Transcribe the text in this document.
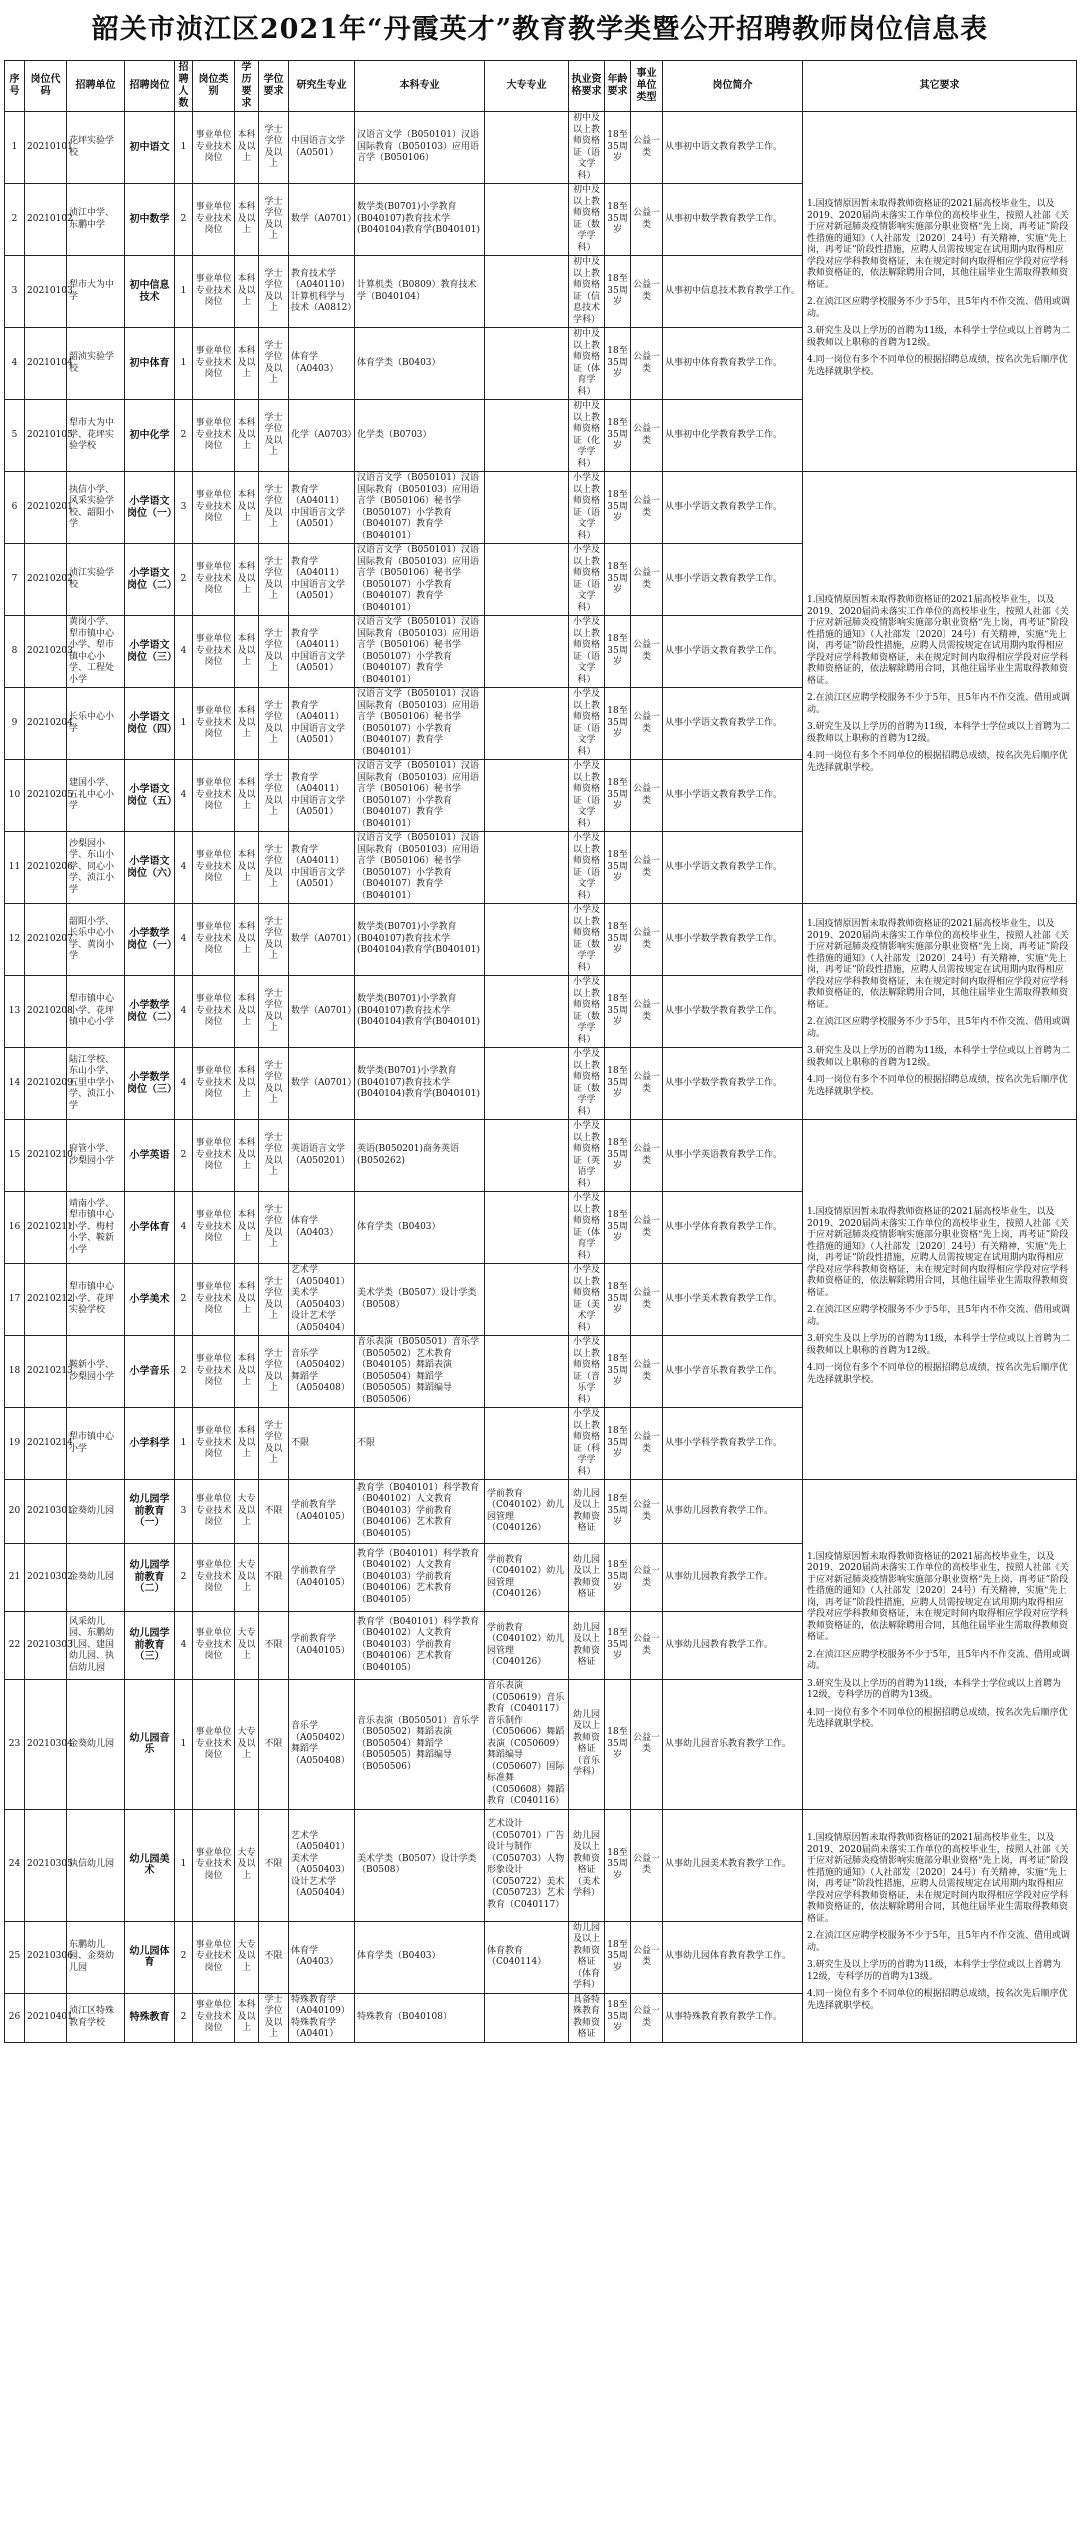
韶关市浈江区2021年“丹霞英才”教育教学类暨公开招聘教师岗位信息表
序号	岗位代码	招聘单位	招聘岗位	招聘人数	岗位类别	学历要求	学位要求	研究生专业	本科专业	大专专业	执业资格要求	年龄要求	事业单位类型	岗位简介	其它要求
1	20210101	花坪实验学校	初中语文	1	事业单位专业技术岗位	本科及以上	学士学位及以上	中国语言文学（A0501）	汉语言文学（B050101）汉语国际教育（B050103）应用语言学（B050106）		初中及以上教师资格证（语文学科）	18至35周岁	公益一类	从事初中语文教育教学工作。	1.国疫情原因暂未取得教师资格证的2021届高校毕业生，以及2019、2020届尚未落实工作单位的高校毕业生，按照人社部《关于应对新冠肺炎疫情影响实施部分职业资格“先上岗，再考证”阶段性措施的通知》（人社部发〔2020〕24号）有关精神，实施“先上岗，再考证”阶段性措施，应聘人员需按规定在试用期内取得相应学段对应学科教师资格证，未在规定时间内取得相应学段对应学科教师资格证的，依法解除聘用合同，其他往届毕业生需取得教师资格证。

2.在浈江区应聘学校服务不少于5年，且5年内不作交流、借用或调动。

3.研究生及以上学历的首聘为11级，本科学士学位或以上首聘为二级教师以上职称的首聘为12级。

4.同一岗位有多个不同单位的根据招聘总成绩，按名次先后顺序优先选择就职学校。

2	20210102	浈江中学、东鹏中学	初中数学	2	事业单位专业技术岗位	本科及以上	学士学位及以上	数学（A0701）	数学类(B0701)小学教育(B040107)教育技术学(B040104)教育学(B040101)		初中及以上教师资格证（数学学科）	18至35周岁	公益一类	从事初中数学教育教学工作。	
3	20210103	犁市大为中学	初中信息技术	1	事业单位专业技术岗位	本科及以上	学士学位及以上	教育技术学（A040110）计算机科学与技术（A0812）	计算机类（B0809）教育技术学（B040104）		初中及以上教师资格证（信息技术学科）	18至35周岁	公益一类	从事初中信息技术教育教学工作。	
4	20210104	韶浈实验学校	初中体育	1	事业单位专业技术岗位	本科及以上	学士学位及以上	体育学（A0403）	体育学类（B0403）		初中及以上教师资格证（体育学科）	18至35周岁	公益一类	从事初中体育教育教学工作。	
5	20210105	犁市大为中学、花坪实验学校	初中化学	2	事业单位专业技术岗位	本科及以上	学士学位及以上	化学（A0703）	化学类（B0703）		初中及以上教师资格证（化学学科）	18至35周岁	公益一类	从事初中化学教育教学工作。	
6	20210201	执信小学、风采实验学校、韶阳小学	小学语文岗位（一）	3	事业单位专业技术岗位	本科及以上	学士学位及以上	教育学（A04011）中国语言文学（A0501）	汉语言文学（B050101）汉语国际教育（B050103）应用语言学（B050106）秘书学（B050107）小学教育（B040107）教育学（B040101）		小学及以上教师资格证（语文学科）	18至35周岁	公益一类	从事小学语文教育教学工作。	1.国疫情原因暂未取得教师资格证的2021届高校毕业生，以及2019、2020届尚未落实工作单位的高校毕业生，按照人社部《关于应对新冠肺炎疫情影响实施部分职业资格“先上岗，再考证”阶段性措施的通知》（人社部发〔2020〕24号）有关精神，实施“先上岗，再考证”阶段性措施，应聘人员需按规定在试用期内取得相应学段对应学科教师资格证，未在规定时间内取得相应学段对应学科教师资格证的，依法解除聘用合同，其他往届毕业生需取得教师资格证。

2.在浈江区应聘学校服务不少于5年，且5年内不作交流、借用或调动。

3.研究生及以上学历的首聘为11级，本科学士学位或以上首聘为二级教师以上职称的首聘为12级。

4.同一岗位有多个不同单位的根据招聘总成绩，按名次先后顺序优先选择就职学校。

7	20210202	浈江实验学校	小学语文岗位（二）	2	事业单位专业技术岗位	本科及以上	学士学位及以上	教育学（A04011）中国语言文学（A0501）	汉语言文学（B050101）汉语国际教育（B050103）应用语言学（B050106）秘书学（B050107）小学教育（B040107）教育学（B040101）		小学及以上教师资格证（语文学科）	18至35周岁	公益一类	从事小学语文教育教学工作。	
8	20210203	黄岗小学、犁市镇中心小学、犁市镇中心小学、工程处小学	小学语文岗位（三）	4	事业单位专业技术岗位	本科及以上	学士学位及以上	教育学（A04011）中国语言文学（A0501）	汉语言文学（B050101）汉语国际教育（B050103）应用语言学（B050106）秘书学（B050107）小学教育（B040107）教育学（B040101）		小学及以上教师资格证（语文学科）	18至35周岁	公益一类	从事小学语文教育教学工作。	
9	20210204	长乐中心小学	小学语文岗位（四）	1	事业单位专业技术岗位	本科及以上	学士学位及以上	教育学（A04011）中国语言文学（A0501）	汉语言文学（B050101）汉语国际教育（B050103）应用语言学（B050106）秘书学（B050107）小学教育（B040107）教育学（B040101）		小学及以上教师资格证（语文学科）	18至35周岁	公益一类	从事小学语文教育教学工作。	
10	20210205	建国小学、五礼中心小学	小学语文岗位（五）	4	事业单位专业技术岗位	本科及以上	学士学位及以上	教育学（A04011）中国语言文学（A0501）	汉语言文学（B050101）汉语国际教育（B050103）应用语言学（B050106）秘书学（B050107）小学教育（B040107）教育学（B040101）		小学及以上教师资格证（语文学科）	18至35周岁	公益一类	从事小学语文教育教学工作。	
11	20210206	沙梨园小学、东山小学、同心小学、浈江小学	小学语文岗位（六）	4	事业单位专业技术岗位	本科及以上	学士学位及以上	教育学（A04011）中国语言文学（A0501）	汉语言文学（B050101）汉语国际教育（B050103）应用语言学（B050106）秘书学（B050107）小学教育（B040107）教育学（B040101）		小学及以上教师资格证（语文学科）	18至35周岁	公益一类	从事小学语文教育教学工作。	
12	20210207	韶阳小学、长乐中心小学、黄岗小学	小学数学岗位（一）	4	事业单位专业技术岗位	本科及以上	学士学位及以上	数学（A0701）	数学类(B0701)小学教育(B040107)教育技术学(B040104)教育学(B040101)		小学及以上教师资格证（数学学科）	18至35周岁	公益一类	从事小学数学教育教学工作。	1.国疫情原因暂未取得教师资格证的2021届高校毕业生，以及2019、2020届尚未落实工作单位的高校毕业生，按照人社部《关于应对新冠肺炎疫情影响实施部分职业资格“先上岗，再考证”阶段性措施的通知》（人社部发〔2020〕24号）有关精神，实施“先上岗，再考证”阶段性措施，应聘人员需按规定在试用期内取得相应学段对应学科教师资格证，未在规定时间内取得相应学段对应学科教师资格证的，依法解除聘用合同，其他往届毕业生需取得教师资格证。

2.在浈江区应聘学校服务不少于5年，且5年内不作交流、借用或调动。

3.研究生及以上学历的首聘为11级，本科学士学位或以上首聘为二级教师以上职称的首聘为12级。

4.同一岗位有多个不同单位的根据招聘总成绩，按名次先后顺序优先选择就职学校。

13	20210208	犁市镇中心小学、花坪镇中心小学	小学数学岗位（二）	4	事业单位专业技术岗位	本科及以上	学士学位及以上	数学（A0701）	数学类(B0701)小学教育(B040107)教育技术学(B040104)教育学(B040101)		小学及以上教师资格证（数学学科）	18至35周岁	公益一类	从事小学数学教育教学工作。	
14	20210209	陆江学校、东山小学、五里中学小学、浈江小学	小学数学岗位（三）	4	事业单位专业技术岗位	本科及以上	学士学位及以上	数学（A0701）	数学类(B0701)小学教育(B040107)教育技术学(B040104)教育学(B040101)		小学及以上教师资格证（数学学科）	18至35周岁	公益一类	从事小学数学教育教学工作。	
15	20210210	府管小学、沙梨园小学	小学英语	2	事业单位专业技术岗位	本科及以上	学士学位及以上	英语语言文学（A050201）	英语(B050201)商务英语(B050262)		小学及以上教师资格证（英语学科）	18至35周岁	公益一类	从事小学英语教育教学工作。	1.国疫情原因暂未取得教师资格证的2021届高校毕业生，以及2019、2020届尚未落实工作单位的高校毕业生，按照人社部《关于应对新冠肺炎疫情影响实施部分职业资格“先上岗，再考证”阶段性措施的通知》（人社部发〔2020〕24号）有关精神，实施“先上岗，再考证”阶段性措施，应聘人员需按规定在试用期内取得相应学段对应学科教师资格证，未在规定时间内取得相应学段对应学科教师资格证的，依法解除聘用合同，其他往届毕业生需取得教师资格证。

2.在浈江区应聘学校服务不少于5年，且5年内不作交流、借用或调动。

3.研究生及以上学历的首聘为11级，本科学士学位或以上首聘为二级教师以上职称的首聘为12级。

4.同一岗位有多个不同单位的根据招聘总成绩，按名次先后顺序优先选择就职学校。

16	20210211	靖南小学、犁市镇中心小学、梅村小学、鞍新小学	小学体育	4	事业单位专业技术岗位	本科及以上	学士学位及以上	体育学（A0403）	体育学类（B0403）		小学及以上教师资格证（体育学科）	18至35周岁	公益一类	从事小学体育教育教学工作。	
17	20210212	犁市镇中心小学、花坪实验学校	小学美术	2	事业单位专业技术岗位	本科及以上	学士学位及以上	艺术学（A050401）美术学（A050403）设计艺术学（A050404）	美术学类（B0507）设计学类（B0508）		小学及以上教师资格证（美术学科）	18至35周岁	公益一类	从事小学美术教育教学工作。	
18	20210213	鞍新小学、沙梨园小学	小学音乐	2	事业单位专业技术岗位	本科及以上	学士学位及以上	音乐学（A050402）舞蹈学（A050408）	音乐表演（B050501）音乐学（B050502）艺术教育（B040105）舞蹈表演（B050504）舞蹈学（B050505）舞蹈编导（B050506）		小学及以上教师资格证（音乐学科）	18至35周岁	公益一类	从事小学音乐教育教学工作。	
19	20210214	犁市镇中心小学	小学科学	1	事业单位专业技术岗位	本科及以上	学士学位及以上	不限	不限		小学及以上教师资格证（科学学科）	18至35周岁	公益一类	从事小学科学教育教学工作。	
20	20210301	金葵幼儿园	幼儿园学前教育（一）	3	事业单位专业技术岗位	大专及以上	不限	学前教育学（A040105）	教育学（B040101）科学教育（B040102）人文教育（B040103）学前教育（B040106）艺术教育（B040105）	学前教育（C040102）幼儿园管理（C040126）	幼儿园及以上教师资格证	18至35周岁	公益一类	从事幼儿园教育教学工作。	1.国疫情原因暂未取得教师资格证的2021届高校毕业生，以及2019、2020届尚未落实工作单位的高校毕业生，按照人社部《关于应对新冠肺炎疫情影响实施部分职业资格“先上岗，再考证”阶段性措施的通知》（人社部发〔2020〕24号）有关精神，实施“先上岗，再考证”阶段性措施，应聘人员需按规定在试用期内取得相应学段对应学科教师资格证，未在规定时间内取得相应学段对应学科教师资格证的，依法解除聘用合同，其他往届毕业生需取得教师资格证。

2.在浈江区应聘学校服务不少于5年，且5年内不作交流、借用或调动。

3.研究生及以上学历的首聘为11级，本科学士学位或以上首聘为12级，专科学历的首聘为13级。

4.同一岗位有多个不同单位的根据招聘总成绩，按名次先后顺序优先选择就职学校。

21	20210302	金葵幼儿园	幼儿园学前教育（二）	2	事业单位专业技术岗位	大专及以上	不限	学前教育学（A040105）	教育学（B040101）科学教育（B040102）人文教育（B040103）学前教育（B040106）艺术教育（B040105）	学前教育（C040102）幼儿园管理（C040126）	幼儿园及以上教师资格证	18至35周岁	公益一类	从事幼儿园教育教学工作。	
22	20210303	风采幼儿园、东鹏幼儿园、建国幼儿园、执信幼儿园	幼儿园学前教育（三）	4	事业单位专业技术岗位	大专及以上	不限	学前教育学（A040105）	教育学（B040101）科学教育（B040102）人文教育（B040103）学前教育（B040106）艺术教育（B040105）	学前教育（C040102）幼儿园管理（C040126）	幼儿园及以上教师资格证	18至35周岁	公益一类	从事幼儿园教育教学工作。	
23	20210304	金葵幼儿园	幼儿园音乐	1	事业单位专业技术岗位	大专及以上	不限	音乐学（A050402）舞蹈学（A050408）	音乐表演（B050501）音乐学（B050502）舞蹈表演（B050504）舞蹈学（B050505）舞蹈编导（B050506）	音乐表演（C050619）音乐教育（C040117）音乐制作（C050606）舞蹈表演（C050609）舞蹈编导（C050607）国际标准舞（C050608）舞蹈教育（C040116）	幼儿园及以上教师资格证（音乐学科）	18至35周岁	公益一类	从事幼儿园音乐教育教学工作。	
24	20210305	执信幼儿园	幼儿园美术	1	事业单位专业技术岗位	大专及以上	不限	艺术学（A050401）美术学（A050403）设计艺术学（A050404）	美术学类（B0507）设计学类（B0508）	艺术设计（C050701）广告设计与制作（C050703）人物形象设计（C050722）美术（C050723）艺术教育（C040117）	幼儿园及以上教师资格证（美术学科）	18至35周岁	公益一类	从事幼儿园美术教育教学工作。	1.国疫情原因暂未取得教师资格证的2021届高校毕业生，以及2019、2020届尚未落实工作单位的高校毕业生，按照人社部《关于应对新冠肺炎疫情影响实施部分职业资格“先上岗，再考证”阶段性措施的通知》（人社部发〔2020〕24号）有关精神，实施“先上岗，再考证”阶段性措施，应聘人员需按规定在试用期内取得相应学段对应学科教师资格证，未在规定时间内取得相应学段对应学科教师资格证的，依法解除聘用合同，其他往届毕业生需取得教师资格证。

2.在浈江区应聘学校服务不少于5年，且5年内不作交流、借用或调动。

3.研究生及以上学历的首聘为11级，本科学士学位或以上首聘为12级，专科学历的首聘为13级。

4.同一岗位有多个不同单位的根据招聘总成绩，按名次先后顺序优先选择就职学校。

25	20210306	东鹏幼儿园、金葵幼儿园	幼儿园体育	2	事业单位专业技术岗位	大专及以上	不限	体育学（A0403）	体育学类（B0403）	体育教育（C040114）	幼儿园及以上教师资格证（体育学科）	18至35周岁	公益一类	从事幼儿园体育教育教学工作。	
26	20210401	浈江区特殊教育学校	特殊教育	2	事业单位专业技术岗位	本科及以上	学士学位及以上	特殊教育学（A040109）特殊教育学（A0401）	特殊教育（B040108）		具备特殊教育教师资格证	18至35周岁	公益一类	从事特殊教育教育教学工作。	
